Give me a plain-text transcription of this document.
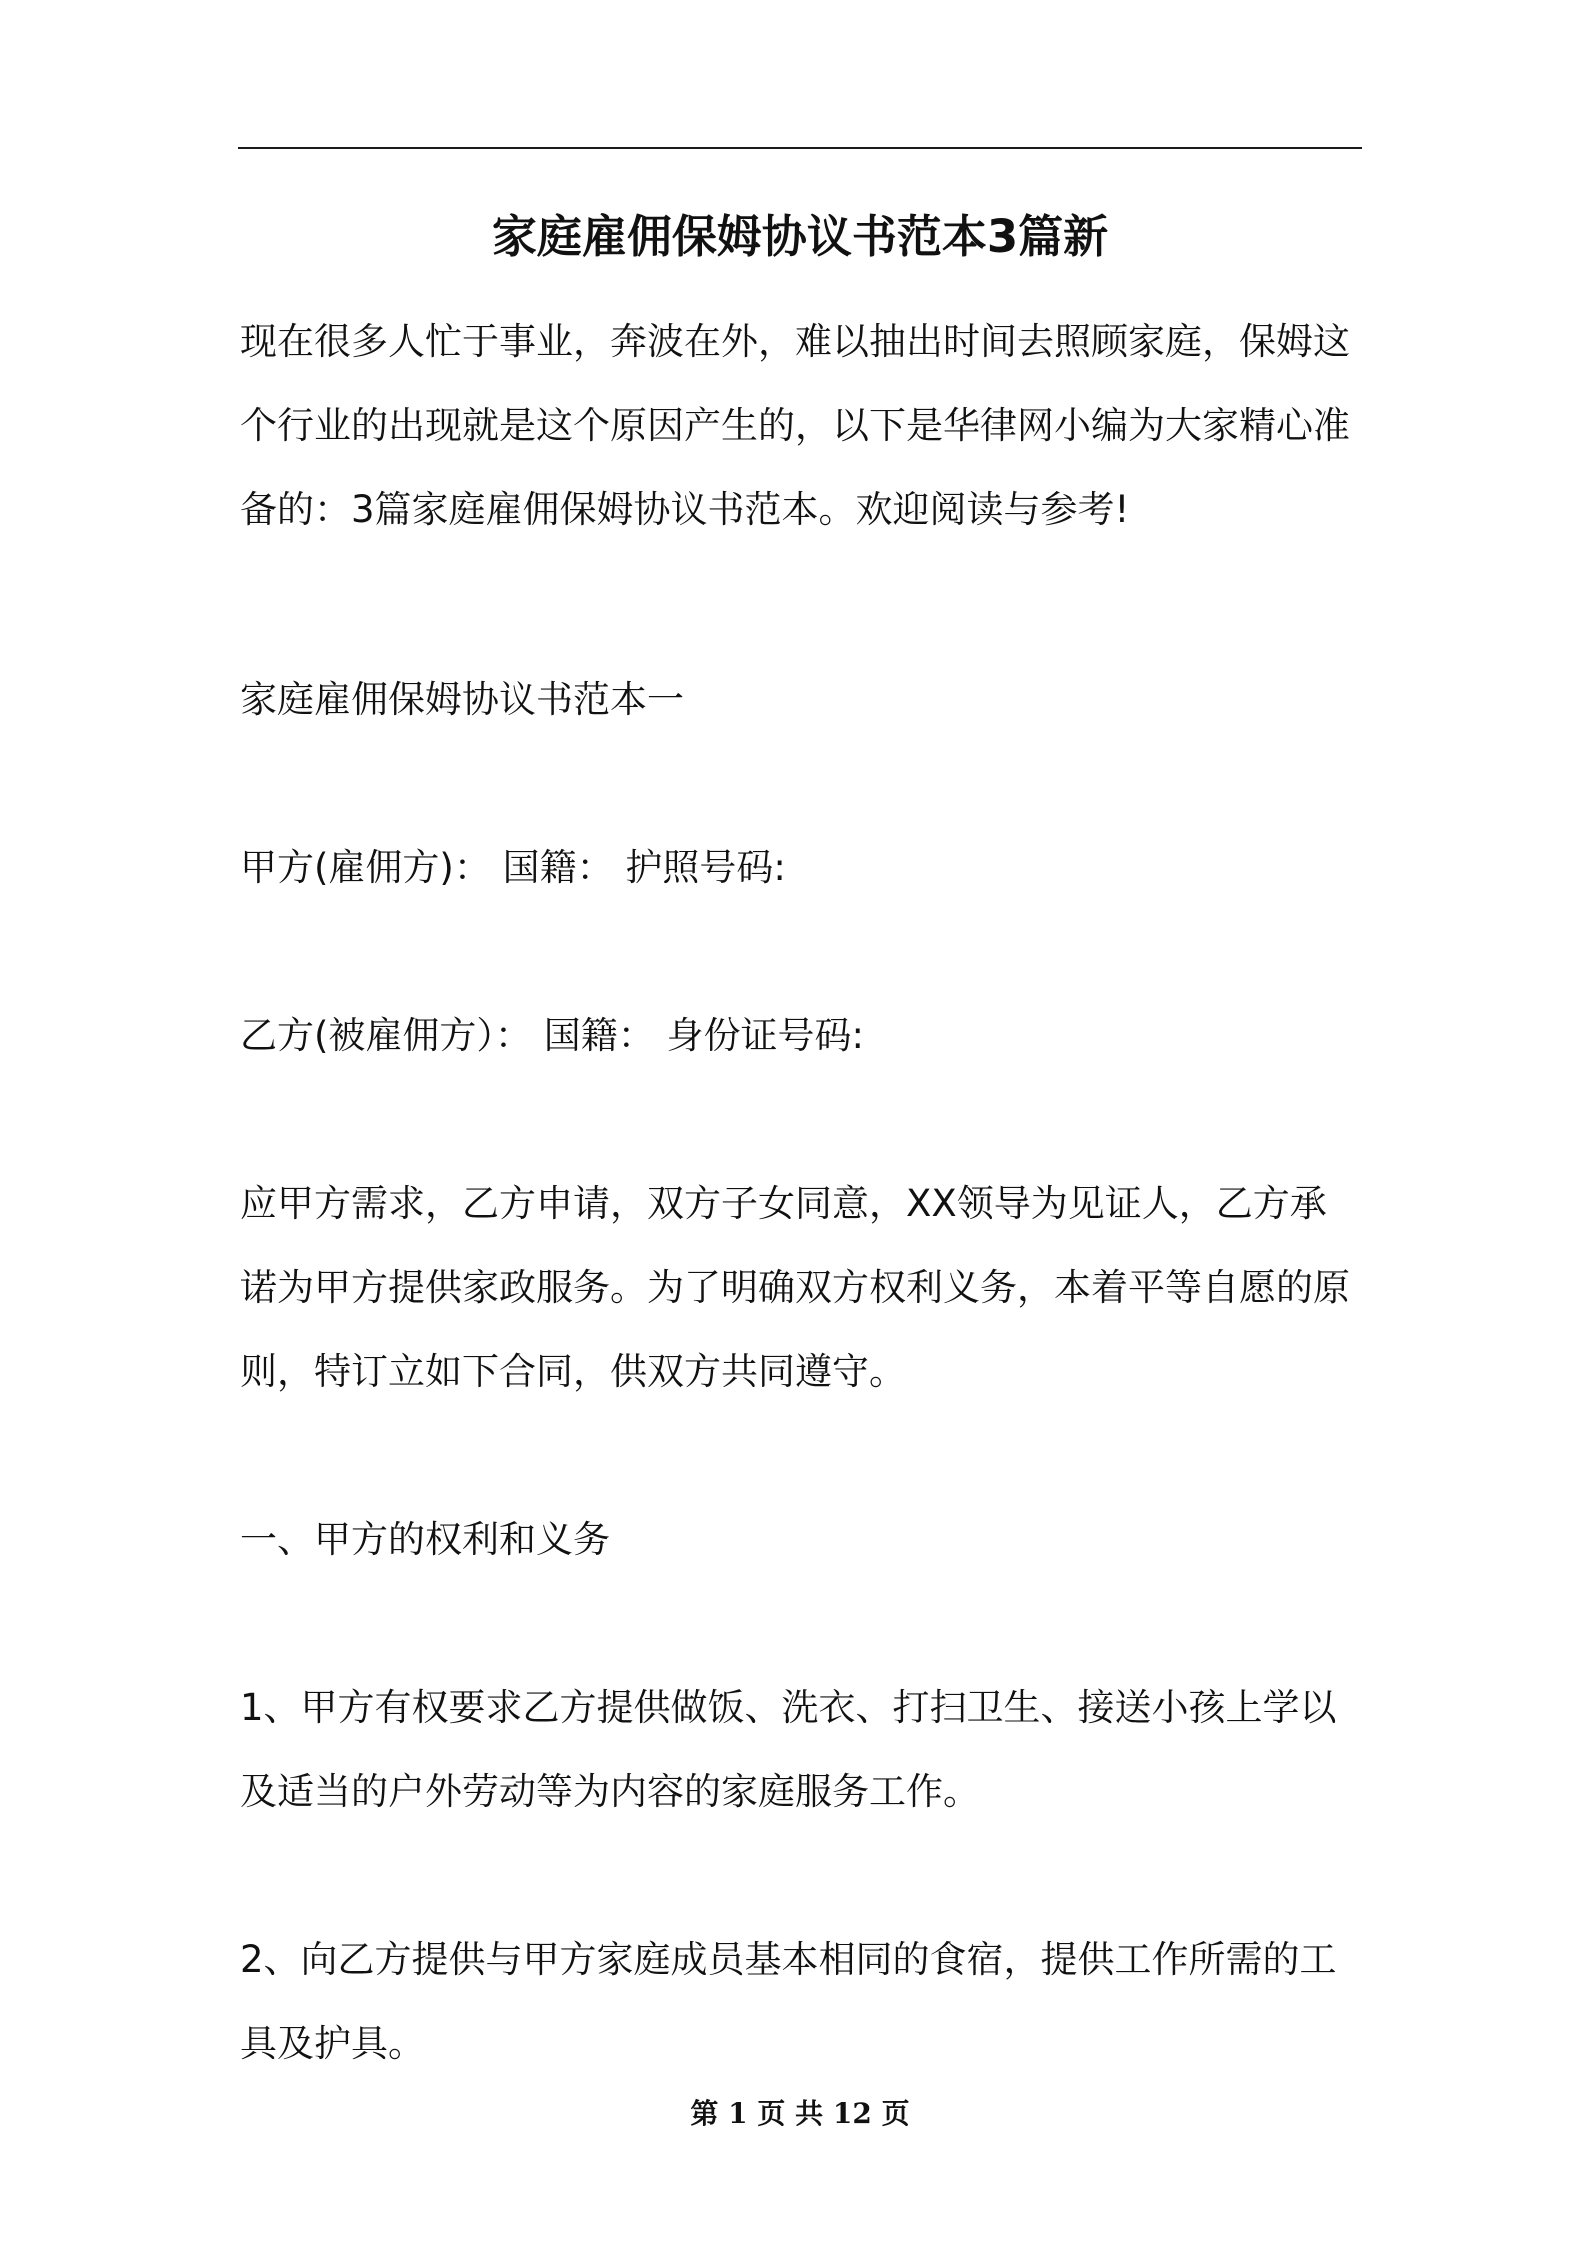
家庭雇佣保姆协议书范本3篇新
现在很多人忙于事业，奔波在外，难以抽出时间去照顾家庭，保姆这
个行业的出现就是这个原因产生的，以下是华律网小编为大家精心准
备的：3篇家庭雇佣保姆协议书范本。欢迎阅读与参考!

家庭雇佣保姆协议书范本一

甲方(雇佣方)： 国籍： 护照号码:

乙方(被雇佣方）： 国籍： 身份证号码:

应甲方需求，乙方申请，双方子女同意，XX领导为见证人，乙方承
诺为甲方提供家政服务。为了明确双方权利义务，本着平等自愿的原
则，特订立如下合同，供双方共同遵守。

一、甲方的权利和义务

1、甲方有权要求乙方提供做饭、洗衣、打扫卫生、接送小孩上学以
及适当的户外劳动等为内容的家庭服务工作。
2、向乙方提供与甲方家庭成员基本相同的食宿，提供工作所需的工
具及护具。

第 1 页 共 12 页
